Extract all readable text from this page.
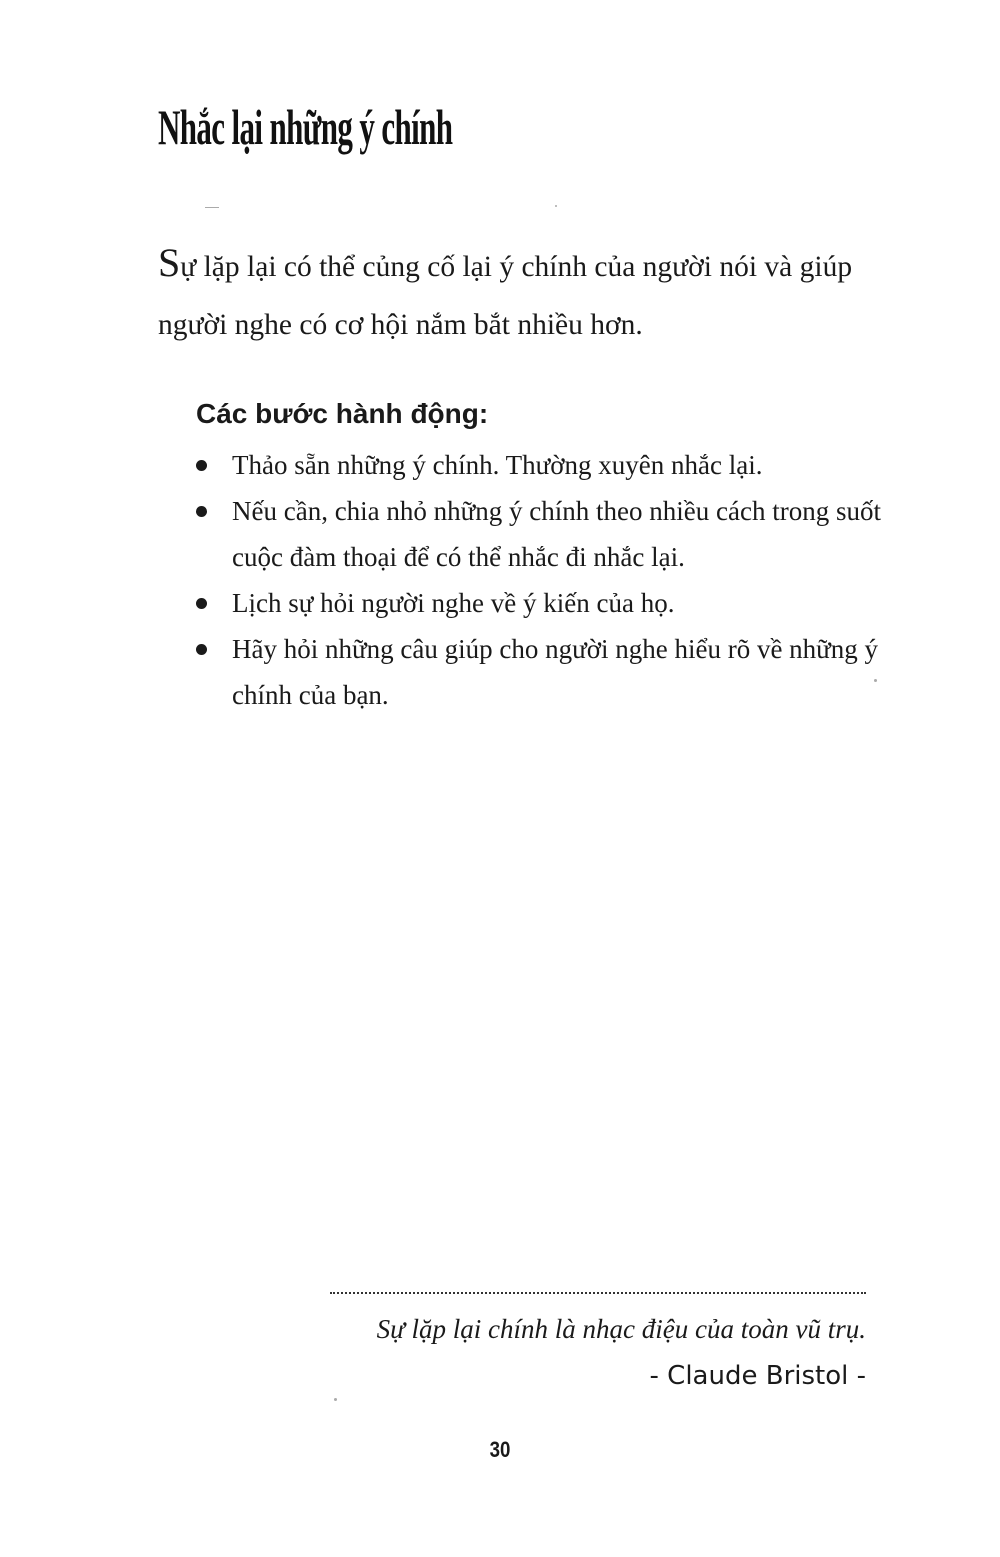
Nhắc lại những ý chính

Sự lặp lại có thể củng cố lại ý chính của người nói và giúp người nghe có cơ hội nắm bắt nhiều hơn.

Các bước hành động:
Thảo sẵn những ý chính. Thường xuyên nhắc lại.
Nếu cần, chia nhỏ những ý chính theo nhiều cách trong suốt cuộc đàm thoại để có thể nhắc đi nhắc lại.
Lịch sự hỏi người nghe về ý kiến của họ.
Hãy hỏi những câu giúp cho người nghe hiểu rõ về những ý chính của bạn.

Sự lặp lại chính là nhạc điệu của toàn vũ trụ.

- Claude Bristol -

30
